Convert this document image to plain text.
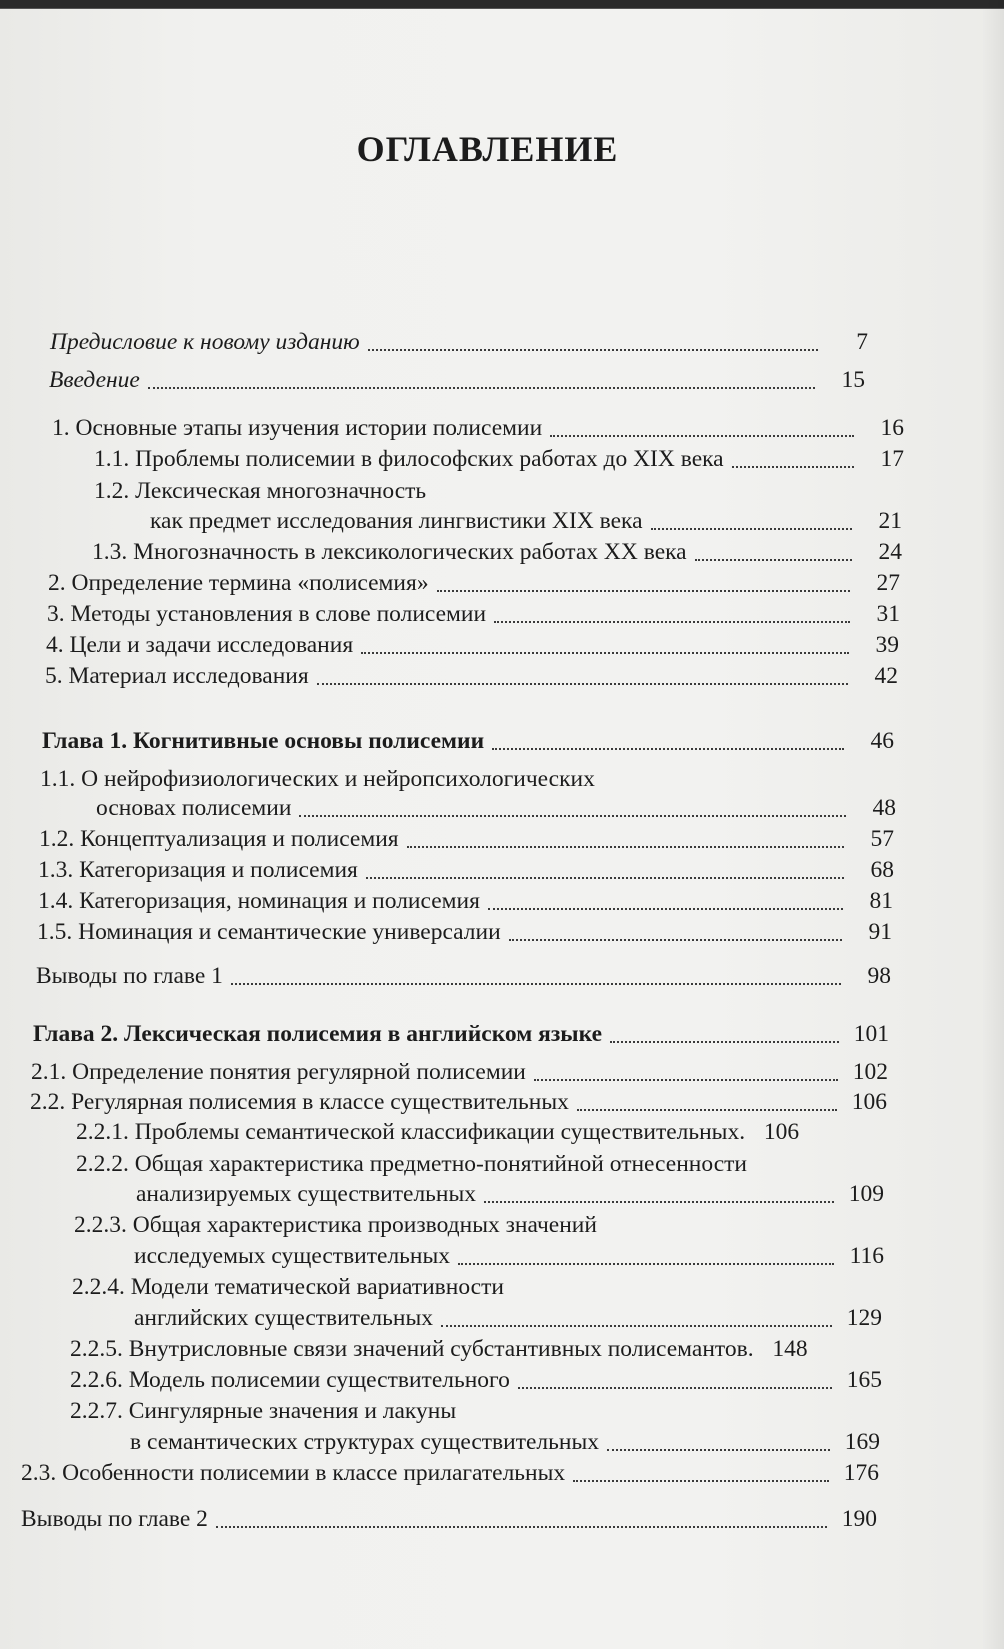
ОГЛАВЛЕНИЕ
Предисловие к новому изданию	7
Введение	15
1. Основные этапы изучения истории полисемии	16
1.1. Проблемы полисемии в философских работах до XIX века	17
1.2. Лексическая многозначность
как предмет исследования лингвистики XIX века	21
1.3. Многозначность в лексикологических работах XX века	24
2. Определение термина «полисемия»	27
3. Методы установления в слове полисемии	31
4. Цели и задачи исследования	39
5. Материал исследования	42
Глава 1. Когнитивные основы полисемии	46
1.1. О нейрофизиологических и нейропсихологических
основах полисемии	48
1.2. Концептуализация и полисемия	57
1.3. Категоризация и полисемия	68
1.4. Категоризация, номинация и полисемия	81
1.5. Номинация и семантические универсалии	91
Выводы по главе 1	98
Глава 2. Лексическая полисемия в английском языке	101
2.1. Определение понятия регулярной полисемии	102
2.2. Регулярная полисемия в классе существительных	106
2.2.1. Проблемы семантической классификации существительных. 106
2.2.2. Общая характеристика предметно-понятийной отнесенности
анализируемых существительных	109
2.2.3. Общая характеристика производных значений
исследуемых существительных	116
2.2.4. Модели тематической вариативности
английских существительных	129
2.2.5. Внутрисловные связи значений субстантивных полисемантов. 148
2.2.6. Модель полисемии существительного	165
2.2.7. Сингулярные значения и лакуны
в семантических структурах существительных	169
2.3. Особенности полисемии в классе прилагательных	176
Выводы по главе 2	190
